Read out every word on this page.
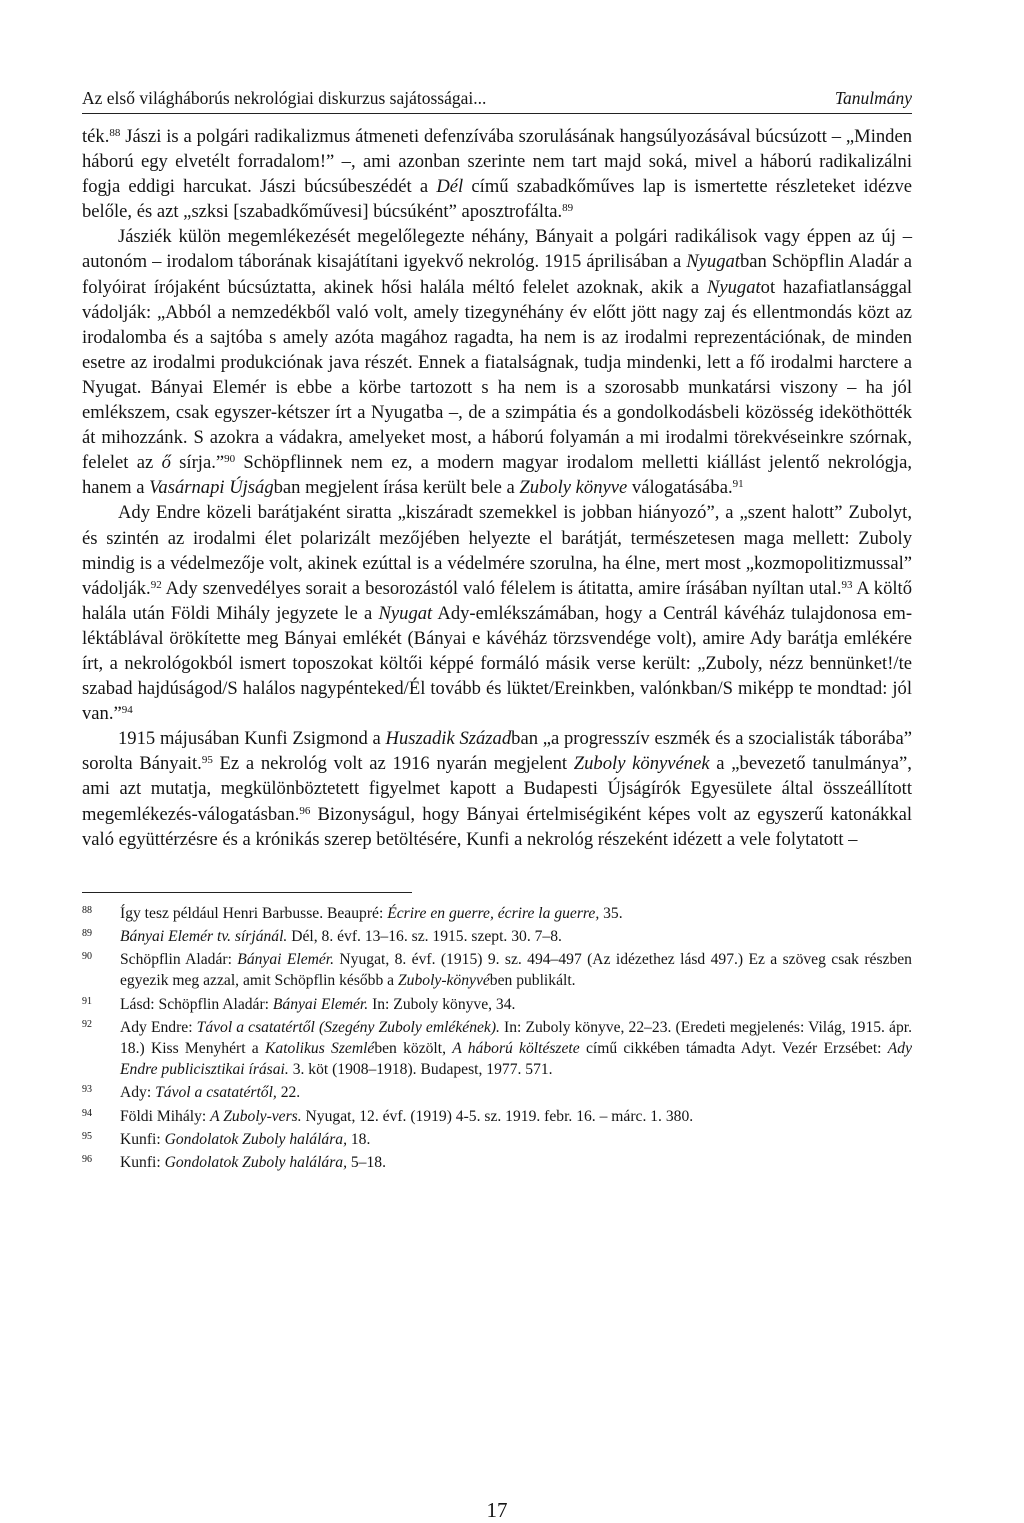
Az első világháborús nekrológiai diskurzus sajátosságai...	Tanulmány

ték.$^{88}$ Jászi is a polgári radikalizmus átmeneti defenzívába szorulásának hangsúlyozásával búcsúzott – „Minden háború egy elvetélt forradalom!” –, ami azonban szerinte nem tart majd soká, mivel a háború radikalizálni fogja eddigi harcukat. Jászi búcsúbeszédét a Dél című szabadkőműves lap is ismertette részleteket idézve belőle, és azt „szksi [szabadkőművesi] búcsúként” aposztrofálta.$^{89}$

Jásziék külön megemlékezését megelőlegezte néhány, Bányait a polgári radikálisok vagy éppen az új – autonóm – irodalom táborának kisajátítani igyekvő nekrológ. 1915 áprilisában a Nyugatban Schöpflin Aladár a folyóirat írójaként búcsúztatta, akinek hősi halála méltó felelet azoknak, akik a Nyugatot hazafiatlansággal vádolják: „Abból a nemzedékből való volt, amely tizegynéhány év előtt jött nagy zaj és ellentmondás közt az irodalomba és a sajtóba s amely azóta magához ragadta, ha nem is az irodalmi reprezentációnak, de minden esetre az irodalmi produkciónak java részét. Ennek a fiatalságnak, tudja mindenki, lett a fő irodalmi harctere a Nyugat. Bányai Elemér is ebbe a körbe tartozott s ha nem is a szorosabb munkatársi viszony – ha jól emlékszem, csak egyszer-kétszer írt a Nyugatba –, de a szimpátia és a gondolkodásbeli közösség ideköthötték át mihozzánk. S azokra a vádakra, amelyeket most, a háború folyamán a mi irodalmi törekvéseinkre szórnak, felelet az ő sírja.”$^{90}$ Schöpflinnek nem ez, a modern magyar irodalom melletti kiállást jelentő nekrológja, hanem a Vasárnapi Újságban megjelent írása került bele a Zuboly könyve válogatásába.$^{91}$

Ady Endre közeli barátjaként siratta „kiszáradt szemekkel is jobban hiányozó”, a „szent halott” Zubolyt, és szintén az irodalmi élet polarizált mezőjében helyezte el barátját, természetesen maga mellett: Zuboly mindig is a védelmezője volt, akinek ezúttal is a védelmére szorulna, ha élne, mert most „kozmopolitizmussal” vádolják.$^{92}$ Ady szenvedélyes sorait a besorozástól való félelem is átitatta, amire írásában nyíltan utal.$^{93}$ A költő halála után Földi Mihály jegyzete le a Nyugat Ady-emlékszámában, hogy a Centrál kávéház tulajdonosa emléktáblával örökítette meg Bányai emlékét (Bányai e kávéház törzsvendége volt), amire Ady barátja emlékére írt, a nekrológokból ismert toposzokat költői képpé formáló másik verse került: „Zuboly, nézz bennünket!/te szabad hajdúságod/S halálos nagypénteked/Él tovább és lüktet/Ereinkben, valónkban/S miképp te mondtad: jól van.”$^{94}$

1915 májusában Kunfi Zsigmond a Huszadik Században „a progresszív eszmék és a szocialisták táborába” sorolta Bányait.$^{95}$ Ez a nekrológ volt az 1916 nyarán megjelent Zuboly könyvének a „bevezető tanulmánya”, ami azt mutatja, megkülönböztetett figyelmet kapott a Budapesti Újságírók Egyesülete által összeállított megemlékezés-válogatásban.$^{96}$ Bizonyságul, hogy Bányai értelmiségiként képes volt az egyszerű katonákkal való együttérzésre és a krónikás szerep betöltésére, Kunfi a nekrológ részeként idézett a vele folytatott –

88	Így tesz például Henri Barbusse. Beaupré: Écrire en guerre, écrire la guerre, 35.
89	Bányai Elemér tv. sírjánál. Dél, 8. évf. 13–16. sz. 1915. szept. 30. 7–8.
90	Schöpflin Aladár: Bányai Elemér. Nyugat, 8. évf. (1915) 9. sz. 494–497 (Az idézethez lásd 497.) Ez a szöveg csak részben egyezik meg azzal, amit Schöpflin később a Zuboly-könyvében publikált.
91	Lásd: Schöpflin Aladár: Bányai Elemér. In: Zuboly könyve, 34.
92	Ady Endre: Távol a csatatértől (Szegény Zuboly emlékének). In: Zuboly könyve, 22–23. (Eredeti megjelenés: Világ, 1915. ápr. 18.) Kiss Menyhért a Katolikus Szemlében közölt, A háború költészete című cikkében támadta Adyt. Vezér Erzsébet: Ady Endre publicisztikai írásai. 3. köt (1908–1918). Budapest, 1977. 571.
93	Ady: Távol a csatatértől, 22.
94	Földi Mihály: A Zuboly-vers. Nyugat, 12. évf. (1919) 4-5. sz. 1919. febr. 16. – márc. 1. 380.
95	Kunfi: Gondolatok Zuboly halálára, 18.
96	Kunfi: Gondolatok Zuboly halálára, 5–18.
17
